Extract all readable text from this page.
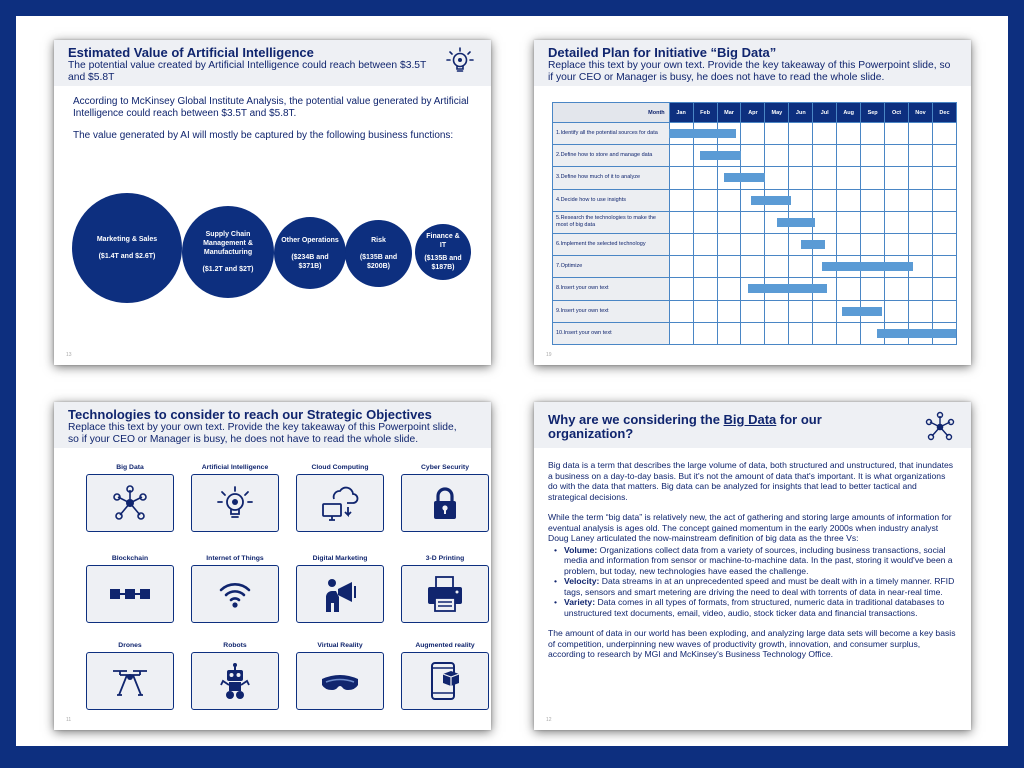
Estimated Value of Artificial Intelligence
The potential value created by Artificial Intelligence could reach between $3.5T and $5.8T

According to McKinsey Global Institute Analysis, the potential value generated by Artificial Intelligence could reach between $3.5T and $5.8T.

The value generated by AI will mostly be captured by the following business functions:

Marketing & Sales
($1.4T and $2.6T)
Supply Chain Management & Manufacturing
($1.2T and $2T)
Other Operations
($234B and $371B)
Risk
($135B and $200B)
Finance & IT
($135B and $187B)
13
Detailed Plan for Initiative “Big Data”
Replace this text by your own text. Provide the key takeaway of this Powerpoint slide, so if your CEO or Manager is busy, he does not have to read the whole slide.
Month	Jan	Feb	Mar	Apr	May	Jun	Jul	Aug	Sep	Oct	Nov	Dec
1.Identify all the potential sources for data												
2.Define how to store and manage data												
3.Define how much of it to analyze												
4.Decide how to use insights												
5.Research the technologies to make the most of big data												
6.Implement the selected technology												
7.Optimize												
8.Insert your own text												
9.Insert your own text												
10.Insert your own text												
19
Technologies to consider to reach our Strategic Objectives
Replace this text by your own text. Provide the key takeaway of this Powerpoint slide, so if your CEO or Manager is busy, he does not have to read the whole slide.
Big Data	Artificial Intelligence	Cloud Computing	Cyber Security
Blockchain	Internet of Things	Digital Marketing	3-D Printing
Drones	Robots	Virtual Reality	Augmented reality
11
Why are we considering the Big Data for our organization?

Big data is a term that describes the large volume of data, both structured and unstructured, that inundates a business on a day-to-day basis. But it's not the amount of data that's important. It is what organizations do with the data that matters. Big data can be analyzed for insights that lead to better tactical and strategical decisions.

While the term “big data” is relatively new, the act of gathering and storing large amounts of information for eventual analysis is ages old. The concept gained momentum in the early 2000s when industry analyst Doug Laney articulated the now-mainstream definition of big data as the three Vs:

• Volume: Organizations collect data from a variety of sources, including business transactions, social media and information from sensor or machine-to-machine data. In the past, storing it would've been a problem, but today, new technologies have eased the challenge.
• Velocity: Data streams in at an unprecedented speed and must be dealt with in a timely manner. RFID tags, sensors and smart metering are driving the need to deal with torrents of data in near-real time.
• Variety: Data comes in all types of formats, from structured, numeric data in traditional databases to unstructured text documents, email, video, audio, stock ticker data and financial transactions.

The amount of data in our world has been exploding, and analyzing large data sets will become a key basis of competition, underpinning new waves of productivity growth, innovation, and consumer surplus, according to research by MGI and McKinsey's Business Technology Office.

12
